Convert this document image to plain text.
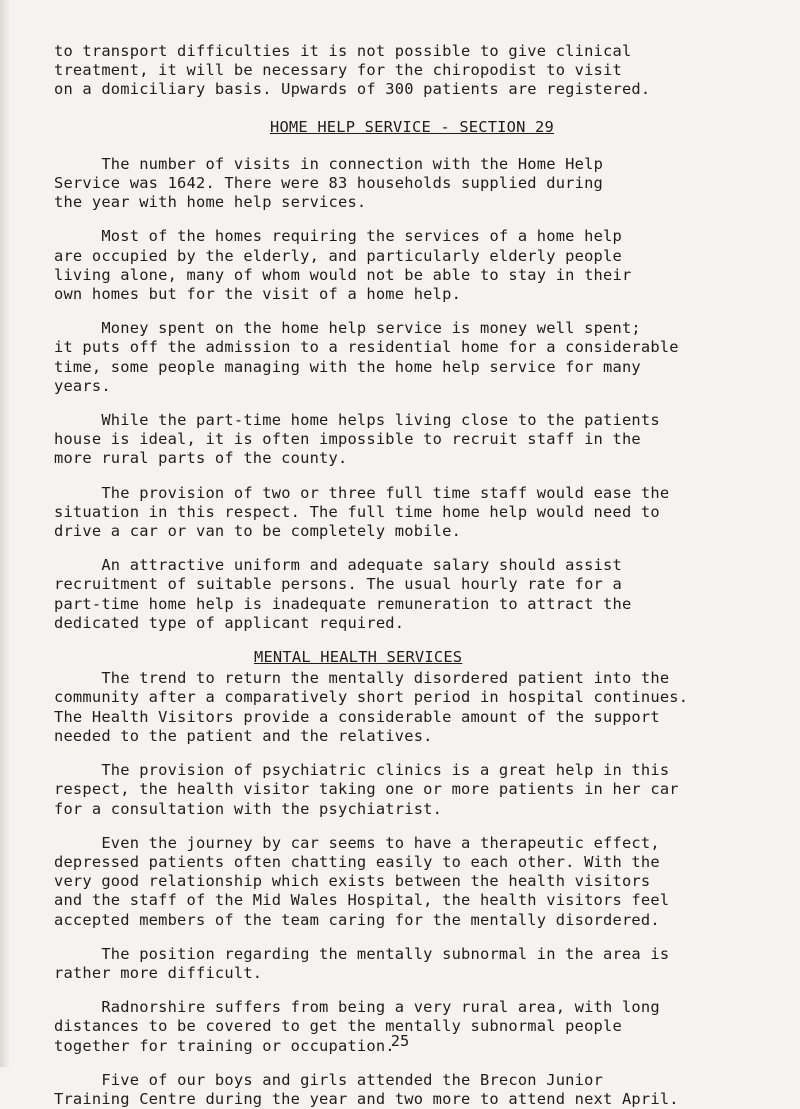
to transport difficulties it is not possible to give clinical
treatment, it will be necessary for the chiropodist to visit
on a domiciliary basis. Upwards of 300 patients are registered.

HOME HELP SERVICE - SECTION 29

The number of visits in connection with the Home Help
Service was 1642. There were 83 households supplied during
the year with home help services.

Most of the homes requiring the services of a home help
are occupied by the elderly, and particularly elderly people
living alone, many of whom would not be able to stay in their
own homes but for the visit of a home help.

Money spent on the home help service is money well spent;
it puts off the admission to a residential home for a considerable
time, some people managing with the home help service for many
years.

While the part-time home helps living close to the patients
house is ideal, it is often impossible to recruit staff in the
more rural parts of the county.

The provision of two or three full time staff would ease the
situation in this respect. The full time home help would need to
drive a car or van to be completely mobile.

An attractive uniform and adequate salary should assist
recruitment of suitable persons. The usual hourly rate for a
part-time home help is inadequate remuneration to attract the
dedicated type of applicant required.

MENTAL HEALTH SERVICES

The trend to return the mentally disordered patient into the
community after a comparatively short period in hospital continues.
The Health Visitors provide a considerable amount of the support
needed to the patient and the relatives.

The provision of psychiatric clinics is a great help in this
respect, the health visitor taking one or more patients in her car
for a consultation with the psychiatrist.

Even the journey by car seems to have a therapeutic effect,
depressed patients often chatting easily to each other. With the
very good relationship which exists between the health visitors
and the staff of the Mid Wales Hospital, the health visitors feel
accepted members of the team caring for the mentally disordered.

The position regarding the mentally subnormal in the area is
rather more difficult.

Radnorshire suffers from being a very rural area, with long
distances to be covered to get the mentally subnormal people
together for training or occupation.

Five of our boys and girls attended the Brecon Junior
Training Centre during the year and two more to attend next April.

25
